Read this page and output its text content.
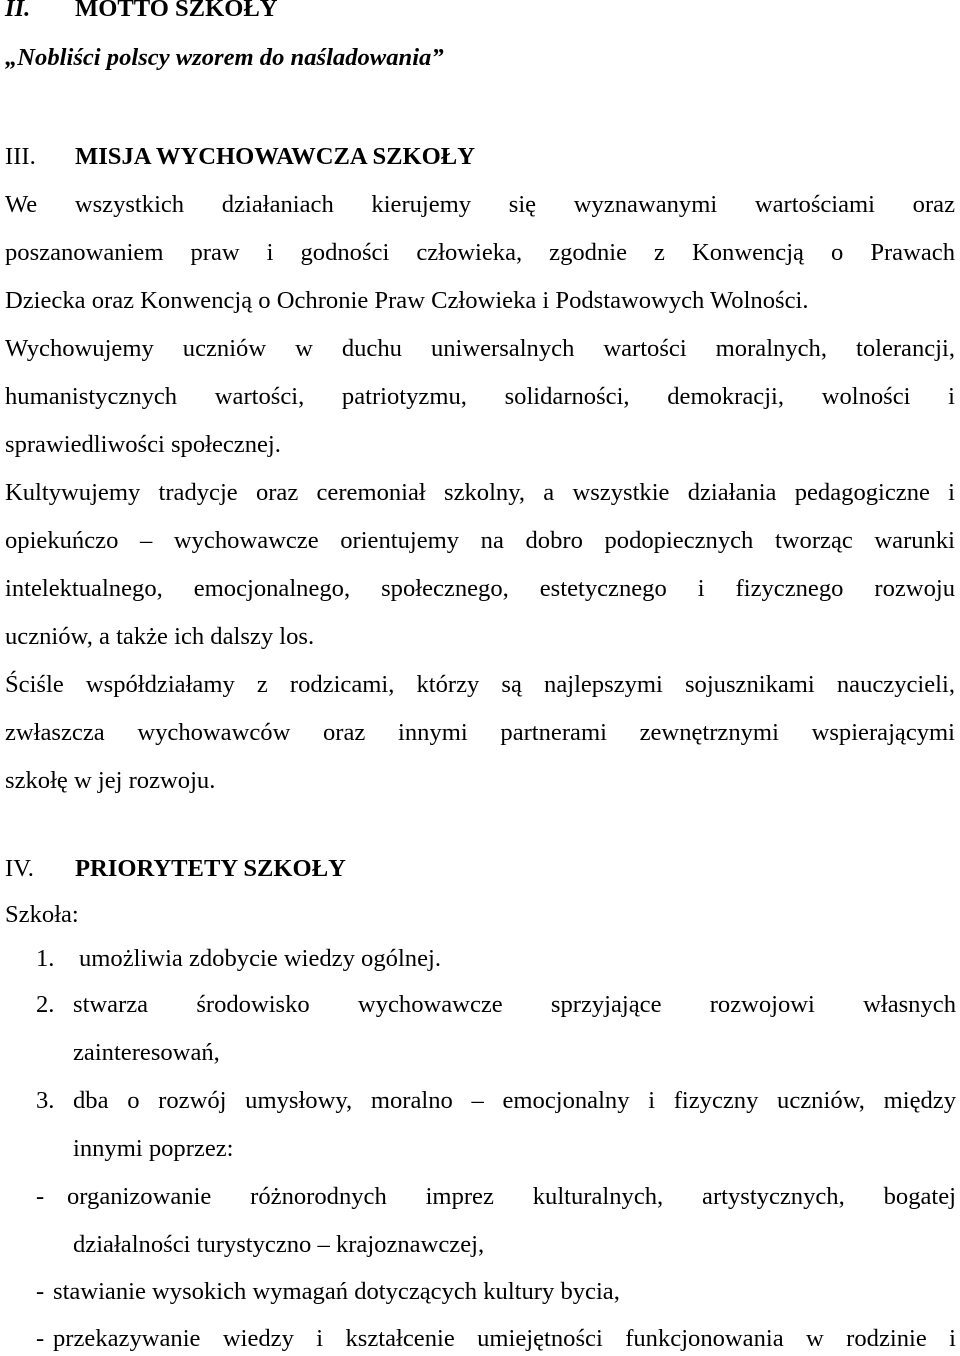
II. MOTTO SZKOŁY
„Nobliści polscy wzorem do naśladowania”
III. MISJA WYCHOWAWCZA SZKOŁY
We wszystkich działaniach kierujemy się wyznawanymi wartościami oraz
poszanowaniem praw i godności człowieka, zgodnie z Konwencją o Prawach
Dziecka oraz Konwencją o Ochronie Praw Człowieka i Podstawowych Wolności.
Wychowujemy uczniów w duchu uniwersalnych wartości moralnych, tolerancji,
humanistycznych wartości, patriotyzmu, solidarności, demokracji, wolności i
sprawiedliwości społecznej.
Kultywujemy tradycje oraz ceremoniał szkolny, a wszystkie działania pedagogiczne i
opiekuńczo – wychowawcze orientujemy na dobro podopiecznych tworząc warunki
intelektualnego, emocjonalnego, społecznego, estetycznego i fizycznego rozwoju
uczniów, a także ich dalszy los.
Ściśle współdziałamy z rodzicami, którzy są najlepszymi sojusznikami nauczycieli,
zwłaszcza wychowawców oraz innymi partnerami zewnętrznymi wspierającymi
szkołę w jej rozwoju.
IV. PRIORYTETY SZKOŁY
Szkoła:
1. umożliwia zdobycie wiedzy ogólnej.
2. stwarza środowisko wychowawcze sprzyjające rozwojowi własnych
zainteresowań,
3. dba o rozwój umysłowy, moralno – emocjonalny i fizyczny uczniów, między
innymi poprzez:
- organizowanie różnorodnych imprez kulturalnych, artystycznych, bogatej
działalności turystyczno – krajoznawczej,
- stawianie wysokich wymagań dotyczących kultury bycia,
- przekazywanie wiedzy i kształcenie umiejętności funkcjonowania w rodzinie i
